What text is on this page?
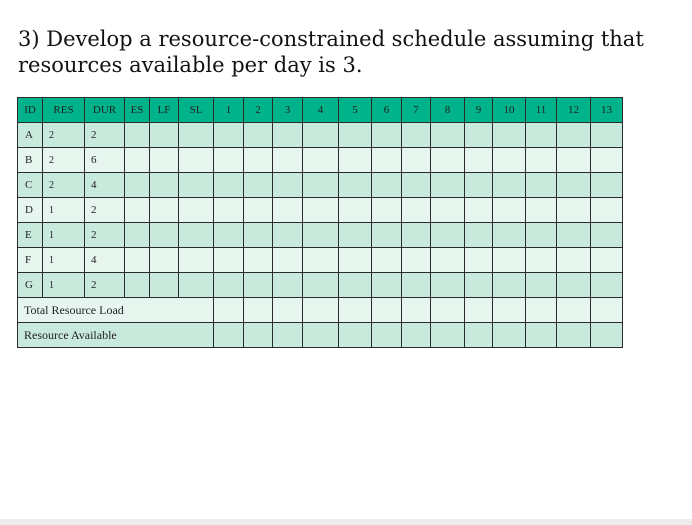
3) Develop a resource-constrained schedule assuming that resources available per day is 3.
ID	RES	DUR	ES	LF	SL	1	2	3	4	5	6	7	8	9	10	11	12	13
A	2	2																
B	2	6																
C	2	4																
D	1	2																
E	1	2																
F	1	4																
G	1	2																
Total Resource Load																		
Resource Available																		
